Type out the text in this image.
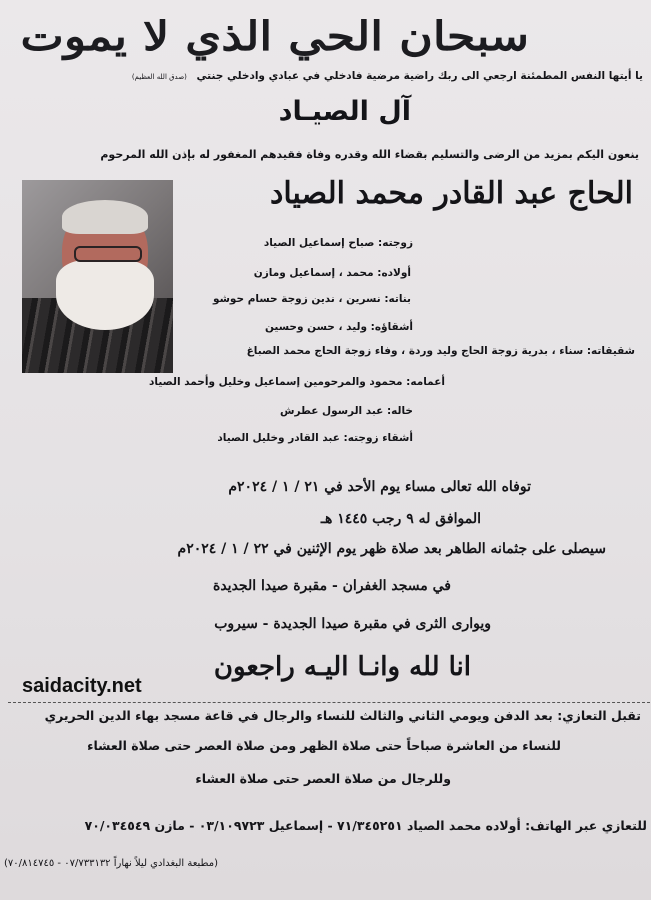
سبحان الحي الذي لا يموت
يا أيتها النفس المطمئنة ارجعي الى ربك راضية مرضية فادخلي في عبادي وادخلي جنتي (صدق الله العظيم)
آل الصيـاد
ينعون اليكم بمزيد من الرضى والتسليم بقضاء الله وقدره وفاة فقيدهم المغفور له بإذن الله المرحوم
الحاج عبد القادر محمد الصياد
زوجته: صباح إسماعيل الصياد
أولاده: محمد ، إسماعيل ومازن
بناته: نسرين ، ندين زوجة حسام حوشو
أشقاؤه: وليد ، حسن وحسين
شقيقاته: سناء ، بدرية زوجة الحاج وليد وردة ، وفاء زوجة الحاج محمد الصباغ
أعمامه: محمود والمرحومين إسماعيل وخليل وأحمد الصياد
خاله: عبد الرسول عطرش
أشقاء زوجته: عبد القادر وخليل الصياد
توفاه الله تعالى مساء يوم الأحد في ٢١ / ١ / ٢٠٢٤م
الموافق له ٩ رجب ١٤٤٥ هـ
سيصلى على جثمانه الطاهر بعد صلاة ظهر يوم الإثنين في ٢٢ / ١ / ٢٠٢٤م
في مسجد الغفران - مقبرة صيدا الجديدة
ويوارى الثرى في مقبرة صيدا الجديدة - سيروب
انا لله وانـا اليـه راجعون
saidacity.net
تقبل التعازي: بعد الدفن ويومي الثاني والثالث للنساء والرجال في قاعة مسجد بهاء الدين الحريري
للنساء من العاشرة صباحاً حتى صلاة الظهر ومن صلاة العصر حتى صلاة العشاء
وللرجال من صلاة العصر حتى صلاة العشاء
للتعازي عبر الهاتف: أولاده محمد الصياد ٧١/٣٤٥٢٥١ - إسماعيل ٠٣/١٠٩٧٢٣ - مازن ٧٠/٠٣٤٥٤٩
(مطبعة البغدادي ليلاً نهاراً ٠٧/٧٣٣١٣٢ - ٧٠/٨١٤٧٤٥)
